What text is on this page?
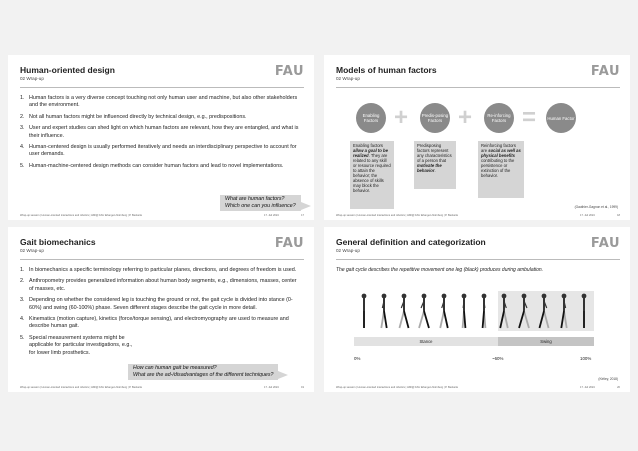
Human-oriented design
02 Wrap-up	FAU
1. Human factors is a very diverse concept touching not only human user and machine, but also other stakeholders and the environment.
2. Not all human factors might be influenced directly by technical design, e.g., predispositions.
3. User and expert studies can shed light on which human factors are relevant, how they are entangled, and what is their influence.
4. Human-centered design is usually performed iteratively and needs an interdisciplinary perspective to account for user demands.
5. Human-machine-centered design methods can consider human factors and lead to novel implementations.
What are human factors?
Which one can you influence?
Wrap-up session | Human-oriented interactions and robotics | HMI@ FAU Erlangen-Nürnberg | P. Beckerle	17. Juli 2024	17
Models of human factors
02 Wrap-up	FAU
Enabling Factors +	Predis-posing Factors +	Re-inforcing Factors =	Human Factor
Enabling factors allow a goal to be realized. They are related to any skill or resource required to attain the behavior; the absence of skills may block the behavior.
Predisposing factors represent any characteristics of a person that motivate the behavior.
Reinforcing factors are social as well as physical benefits contributing to the persistence or extinction of the behavior.
(Gauthier-Gagnon et al., 1999)
Wrap-up session | Human-oriented interactions and robotics | HMI@ FAU Erlangen-Nürnberg | P. Beckerle	17. Juli 2024	18
Gait biomechanics
02 Wrap-up	FAU
1. In biomechanics a specific terminology referring to particular planes, directions, and degrees of freedom is used.
2. Anthropometry provides generalized information about human body segments, e.g., dimensions, masses, center of masses, etc.
3. Depending on whether the considered leg is touching the ground or not, the gait cycle is divided into stance (0-60%) and swing (60-100%) phase. Seven different stages describe the gait cycle in more detail.
4. Kinematics (motion capture), kinetics (force/torque sensing), and electromyography are used to measure and describe human gait.
5. Special measurement systems might be applicable for particular investigations, e.g., for lower limb prosthetics.
How can human gait be measured?
What are the ad-/disadvantages of the different techniques?
Wrap-up session | Human-oriented interactions and robotics | HMI@ FAU Erlangen-Nürnberg | P. Beckerle	17. Juli 2024	19
General definition and categorization
02 Wrap-up	FAU
The gait cycle describes the repetitive movement one leg (black) produces during ambulation.
Stance	Swing
0%	~60%	100%
(Kirtley, 2018)
Wrap-up session | Human-oriented interactions and robotics | HMI@ FAU Erlangen-Nürnberg | P. Beckerle	17. Juli 2024	20
